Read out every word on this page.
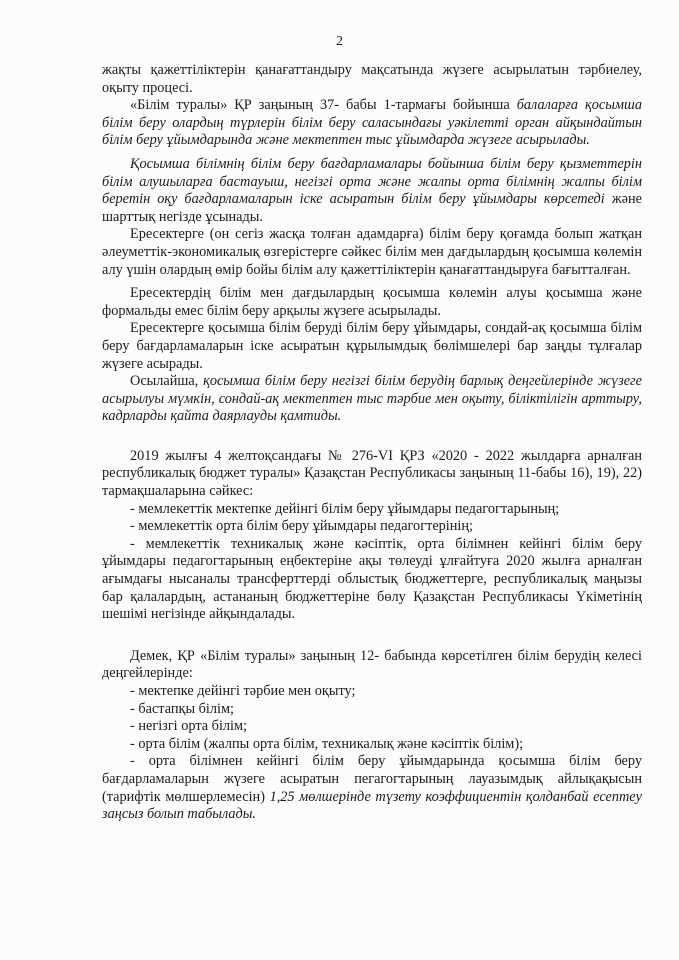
2

жақты қажеттіліктерін қанағаттандыру мақсатында жүзеге асырылатын тәрбиелеу, оқыту процесі.

«Білім туралы» ҚР заңының 37- бабы 1-тармағы бойынша балаларға қосымша білім беру олардың түрлерін білім беру саласындағы уәкілетті орган айқындайтын білім беру ұйымдарында және мектептен тыс ұйымдарда жүзеге асырылады.

Қосымша білімнің білім беру бағдарламалары бойынша білім беру қызметтерін білім алушыларға бастауыш, негізгі орта және жалпы орта білімнің жалпы білім беретін оқу бағдарламаларын іске асыратын білім беру ұйымдары көрсетеді және шарттық негізде ұсынады.

Ересектерге (он сегіз жасқа толған адамдарға) білім беру қоғамда болып жатқан әлеуметтік-экономикалық өзгерістерге сәйкес білім мен дағдылардың қосымша көлемін алу үшін олардың өмір бойы білім алу қажеттіліктерін қанағаттандыруға бағытталған.

Ересектердің білім мен дағдылардың қосымша көлемін алуы қосымша және формальды емес білім беру арқылы жүзеге асырылады.

Ересектерге қосымша білім беруді білім беру ұйымдары, сондай-ақ қосымша білім беру бағдарламаларын іске асыратын құрылымдық бөлімшелері бар заңды тұлғалар жүзеге асырады.

Осылайша, қосымша білім беру негізгі білім берудің барлық деңгейлерінде жүзеге асырылуы мүмкін, сондай-ақ мектептен тыс тәрбие мен оқыту, біліктілігін арттыру, кадрларды қайта даярлауды қамтиды.

2019 жылғы 4 желтоқсандағы № 276-VI ҚРЗ «2020 - 2022 жылдарға арналған республикалық бюджет туралы» Қазақстан Республикасы заңының 11-бабы 16), 19), 22) тармақшаларына сәйкес:

- мемлекеттік мектепке дейінгі білім беру ұйымдары педагогтарының;

- мемлекеттік орта білім беру ұйымдары педагогтерінің;

- мемлекеттік техникалық және кәсіптік, орта білімнен кейінгі білім беру ұйымдары педагогтарының еңбектеріне ақы төлеуді ұлғайтуға 2020 жылға арналған ағымдағы нысаналы трансферттерді облыстық бюджеттерге, республикалық маңызы бар қалалардың, астананың бюджеттеріне бөлу Қазақстан Республикасы Үкіметінің шешімі негізінде айқындалады.

Демек, ҚР «Білім туралы» заңының 12- бабында көрсетілген білім берудің келесі деңгейлерінде:

- мектепке дейінгі тәрбие мен оқыту;

- бастапқы білім;

- негізгі орта білім;

- орта білім (жалпы орта білім, техникалық және кәсіптік білім);

- орта білімнен кейінгі білім беру ұйымдарында қосымша білім беру бағдарламаларын жүзеге асыратын пегагогтарының лауазымдық айлықақысын (тарифтік мөлшерлемесін) 1,25 мөлшерінде түзету коэффициентін қолданбай есептеу заңсыз болып табылады.
